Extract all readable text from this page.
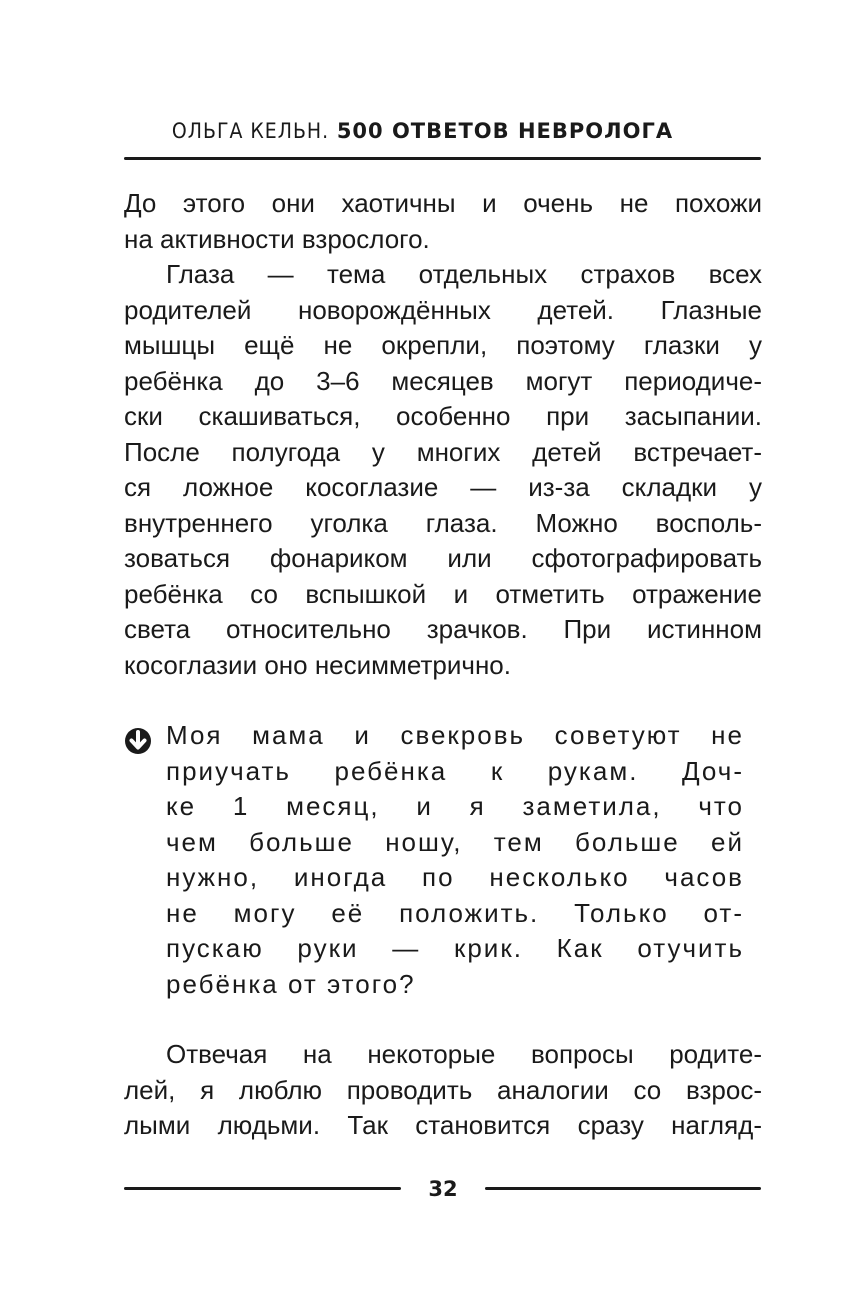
ОЛЬГА КЕЛЬН. 500 ОТВЕТОВ НЕВРОЛОГА

До этого они хаотичны и очень не похожи

на активности взрослого.

Глаза — тема отдельных страхов всех

родителей новорождённых детей. Глазные

мышцы ещё не окрепли, поэтому глазки у

ребёнка до 3–6 месяцев могут периодиче-

ски скашиваться, особенно при засыпании.

После полугода у многих детей встречает-

ся ложное косоглазие — из-за складки у

внутреннего уголка глаза. Можно восполь-

зоваться фонариком или сфотографировать

ребёнка со вспышкой и отметить отражение

света относительно зрачков. При истинном

косоглазии оно несимметрично.

Моя мама и свекровь советуют не

приучать ребёнка к рукам. Доч-

ке 1 месяц, и я заметила, что

чем больше ношу, тем больше ей

нужно, иногда по несколько часов

не могу её положить. Только от-

пускаю руки — крик. Как отучить

ребёнка от этого?

Отвечая на некоторые вопросы родите-

лей, я люблю проводить аналогии со взрос-

лыми людьми. Так становится сразу нагляд-

32
